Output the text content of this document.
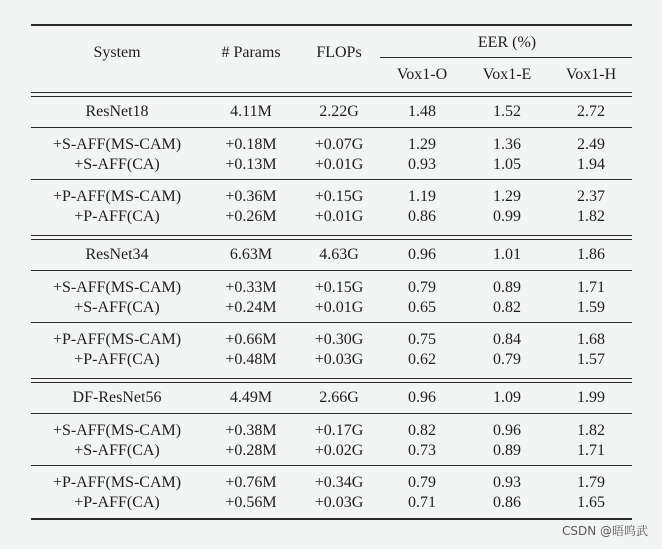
System	# Params FLOPs
EER (%)
Vox1-O Vox1-E Vox1-H
ResNet18	4.11M	2.22G	1.48	1.52	2.72
+S-AFF(MS-CAM)	+0.18M +0.07G	1.29	1.36	2.49
+S-AFF(CA)	+0.13M +0.01G	0.93	1.05	1.94
+P-AFF(MS-CAM)	+0.36M +0.15G	1.19	1.29	2.37
+P-AFF(CA)	+0.26M +0.01G	0.86	0.99	1.82
ResNet34	6.63M	4.63G	0.96	1.01	1.86
+S-AFF(MS-CAM)	+0.33M +0.15G	0.79	0.89	1.71
+S-AFF(CA)	+0.24M +0.01G	0.65	0.82	1.59
+P-AFF(MS-CAM)	+0.66M +0.30G	0.75	0.84	1.68
+P-AFF(CA)	+0.48M +0.03G	0.62	0.79	1.57
DF-ResNet56	4.49M	2.66G	0.96	1.09	1.99
+S-AFF(MS-CAM)	+0.38M +0.17G	0.82	0.96	1.82
+S-AFF(CA)	+0.28M +0.02G	0.73	0.89	1.71
+P-AFF(MS-CAM)	+0.76M +0.34G	0.79	0.93	1.79
+P-AFF(CA)	+0.56M +0.03G	0.71	0.86	1.65
CSDN @晤呜武
